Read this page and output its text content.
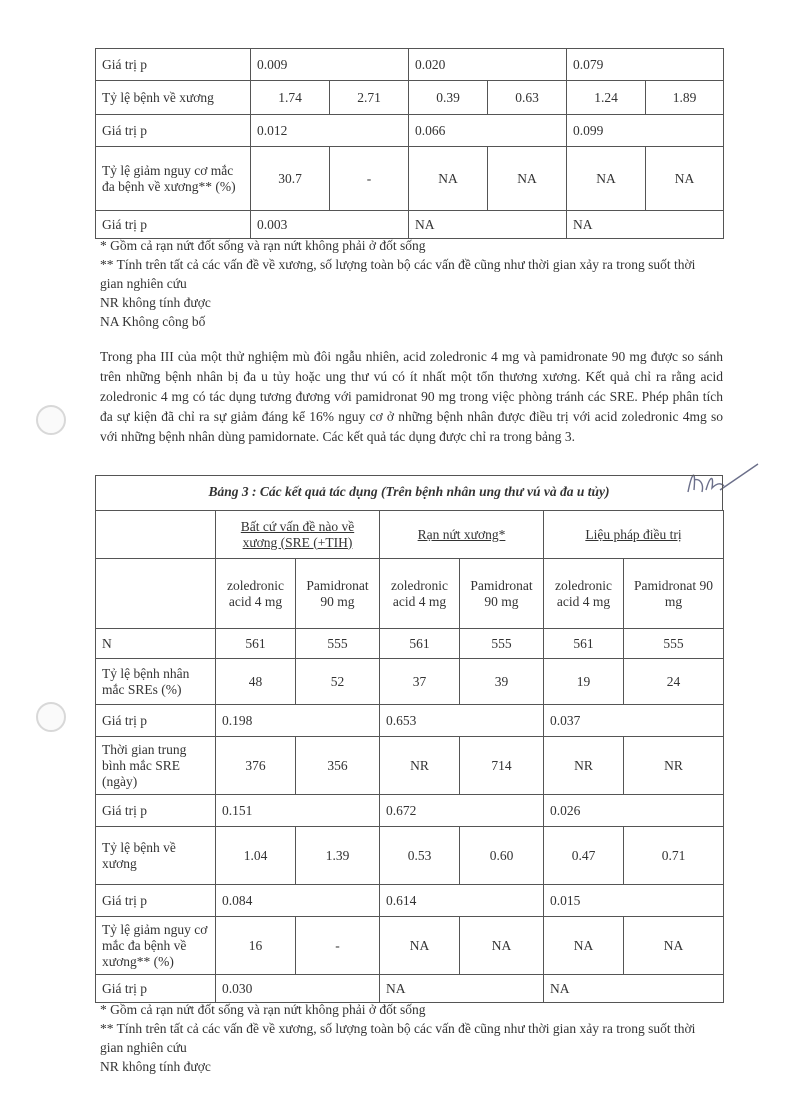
Giá trị p	0.009		0.020		0.079	
Tỷ lệ bệnh về xương	1.74	2.71	0.39	0.63	1.24	1.89
Giá trị p	0.012		0.066		0.099	
Tỷ lệ giảm nguy cơ mắc đa bệnh về xương** (%)	30.7	-	NA	NA	NA	NA
Giá trị p	0.003		NA		NA	
* Gồm cả rạn nứt đốt sống và rạn nứt không phải ở đốt sống
** Tính trên tất cả các vấn đề về xương, số lượng toàn bộ các vấn đề cũng như thời gian xảy ra trong suốt thời gian nghiên cứu
NR không tính được
NA Không công bố
Trong pha III của một thử nghiệm mù đôi ngẫu nhiên, acid zoledronic 4 mg và pamidronate 90 mg được so sánh trên những bệnh nhân bị đa u tủy hoặc ung thư vú có ít nhất một tổn thương xương. Kết quả chỉ ra rằng acid zoledronic 4 mg có tác dụng tương đương với pamidronat 90 mg trong việc phòng tránh các SRE. Phép phân tích đa sự kiện đã chỉ ra sự giảm đáng kể 16% nguy cơ ở những bệnh nhân được điều trị với acid zoledronic 4mg so với những bệnh nhân dùng pamidornate. Các kết quả tác dụng được chỉ ra trong bảng 3.
Bảng 3 : Các kết quả tác dụng (Trên bệnh nhân ung thư vú và đa u tủy)
	Bất cứ vấn đề nào về xương (SRE (+TIH)		Rạn nứt xương*		Liệu pháp điều trị	
	zoledronic acid 4 mg	Pamidronat 90 mg	zoledronic acid 4 mg	Pamidronat 90 mg	zoledronic acid 4 mg	Pamidronat 90 mg
N	561	555	561	555	561	555
Tỷ lệ bệnh nhân mắc SREs (%)	48	52	37	39	19	24
Giá trị p	0.198		0.653		0.037	
Thời gian trung bình mắc SRE (ngày)	376	356	NR	714	NR	NR
Giá trị p	0.151		0.672		0.026	
Tỷ lệ bệnh về xương	1.04	1.39	0.53	0.60	0.47	0.71
Giá trị p	0.084		0.614		0.015	
Tỷ lệ giảm nguy cơ mắc đa bệnh về xương** (%)	16	-	NA	NA	NA	NA
Giá trị p	0.030		NA		NA	
* Gồm cả rạn nứt đốt sống và rạn nứt không phải ở đốt sống
** Tính trên tất cả các vấn đề về xương, số lượng toàn bộ các vấn đề cũng như thời gian xảy ra trong suốt thời gian nghiên cứu
NR không tính được
